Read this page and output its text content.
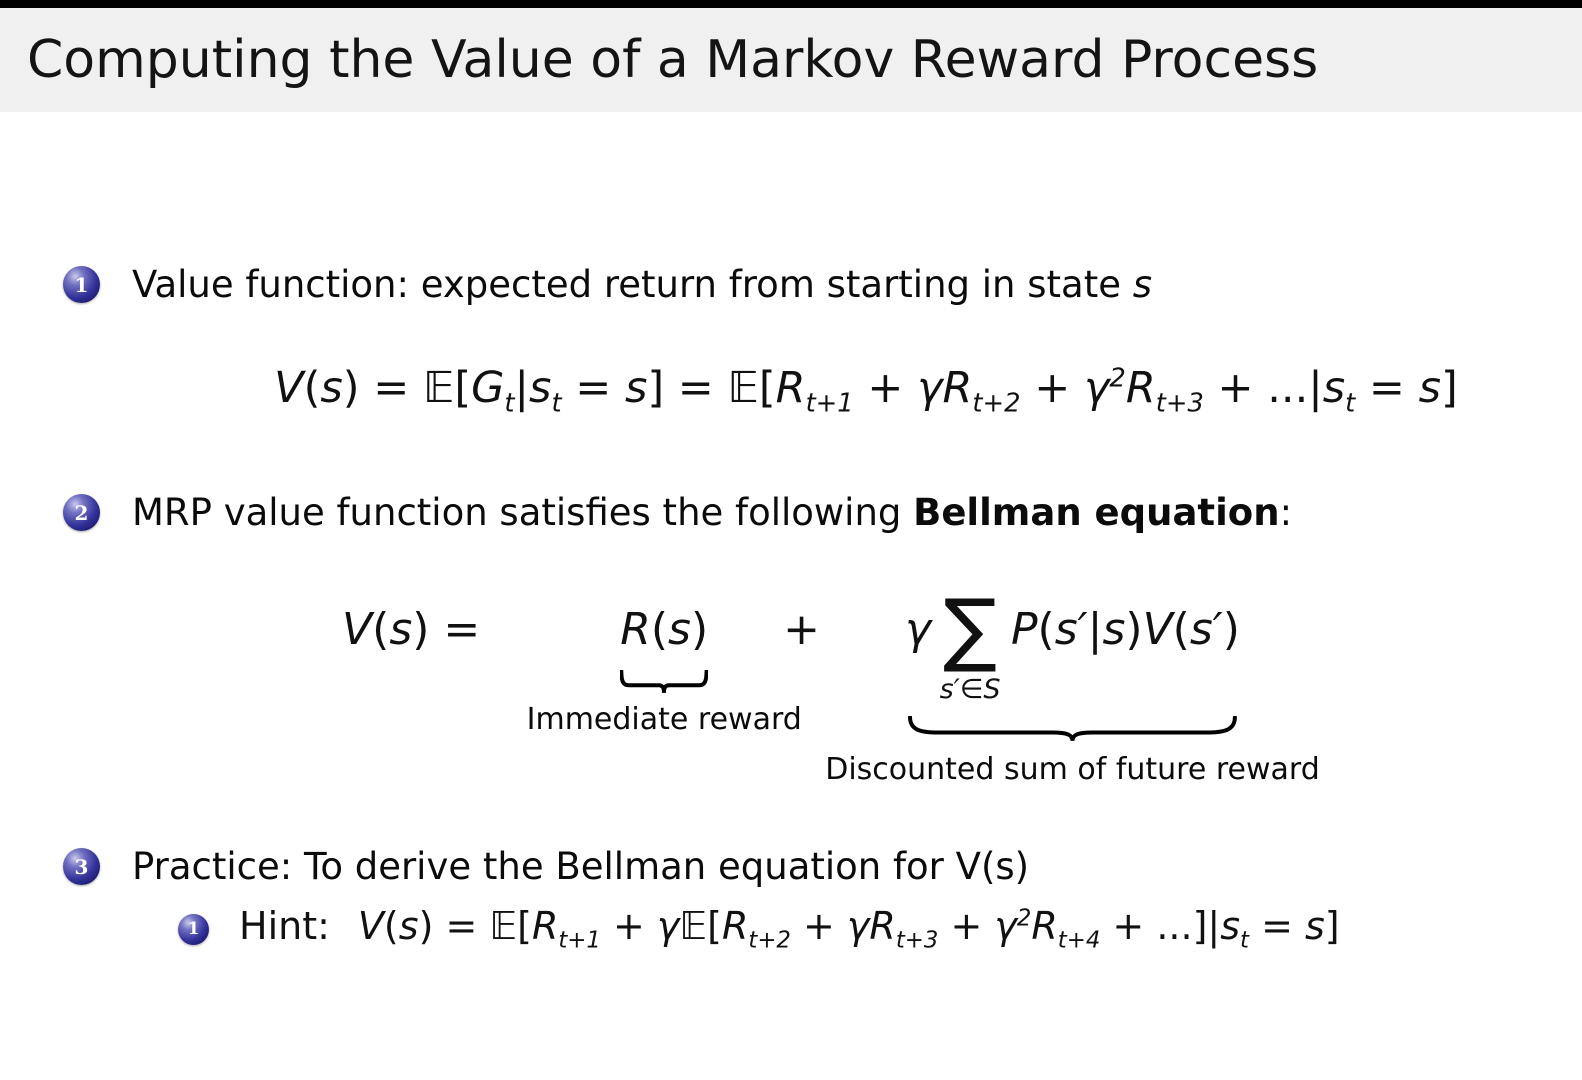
Computing the Value of a Markov Reward Process
1	Value function: expected return from starting in state s
$V(s) = 𝔼[G_t|s_t = s]$ = $𝔼[R_{t+1} + \gamma R_{t+2} + \gamma^2R_{t+3} + ...|s_t = s]$
2	MRP value function satisfies the following Bellman equation:
V(s) =	R(s)
Immediate reward
+ γ ∑
s′∈S
P(s′|s)V(s′)
Discounted sum of future reward
3	Practice: To derive the Bellman equation for V(s)
1 Hint: $V(s) = 𝔼[R_{t+1}$ + $\gamma 𝔼[R_{t+2} + \gamma R_{t+3} + \gamma^2R_{t+4} + ...]|s_t = s$]
